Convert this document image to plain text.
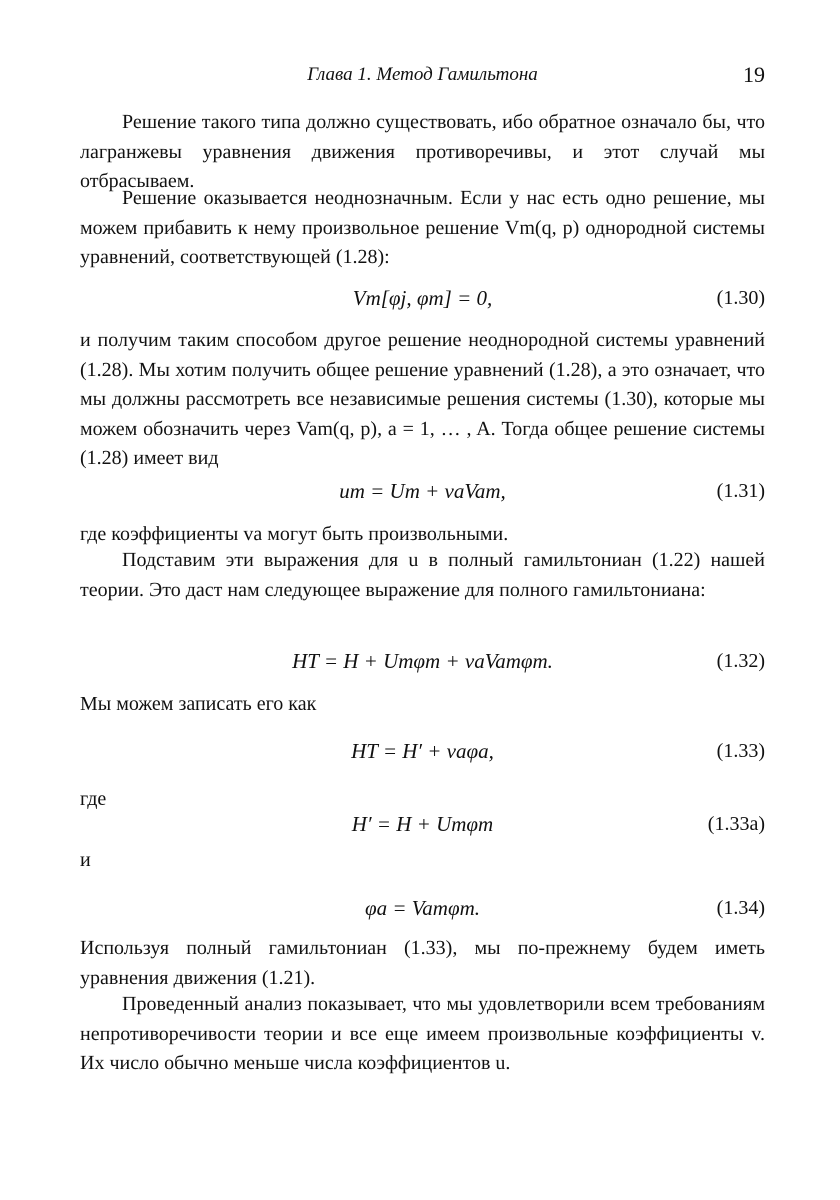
Глава 1. Метод Гамильтона	19

Решение такого типа должно существовать, ибо обратное означало бы, что лагранжевы уравнения движения противоречивы, и этот случай мы отбрасываем.

Решение оказывается неоднозначным. Если у нас есть одно решение, мы можем прибавить к нему произвольное решение Vm(q, p) однородной системы уравнений, соответствующей (1.28):

Vm[φj, φm] = 0,	(1.30)

и получим таким способом другое решение неоднородной системы уравнений (1.28). Мы хотим получить общее решение уравнений (1.28), а это означает, что мы должны рассмотреть все независимые решения системы (1.30), которые мы можем обозначить через Vam(q, p), a = 1, … , A. Тогда общее решение системы (1.28) имеет вид

um = Um + vaVam,	(1.31)

где коэффициенты va могут быть произвольными.

Подставим эти выражения для u в полный гамильтониан (1.22) нашей теории. Это даст нам следующее выражение для полного гамильтониана:

HT = H + Umφm + vaVamφm.	(1.32)
Мы можем записать его как
HT = H′ + vaφa,	(1.33)
где
H′ = H + Umφm	(1.33a)
и
φa = Vamφm.	(1.34)

Используя полный гамильтониан (1.33), мы по-прежнему будем иметь уравнения движения (1.21).

Проведенный анализ показывает, что мы удовлетворили всем требованиям непротиворечивости теории и все еще имеем произвольные коэффициенты v. Их число обычно меньше числа коэффициентов u.
